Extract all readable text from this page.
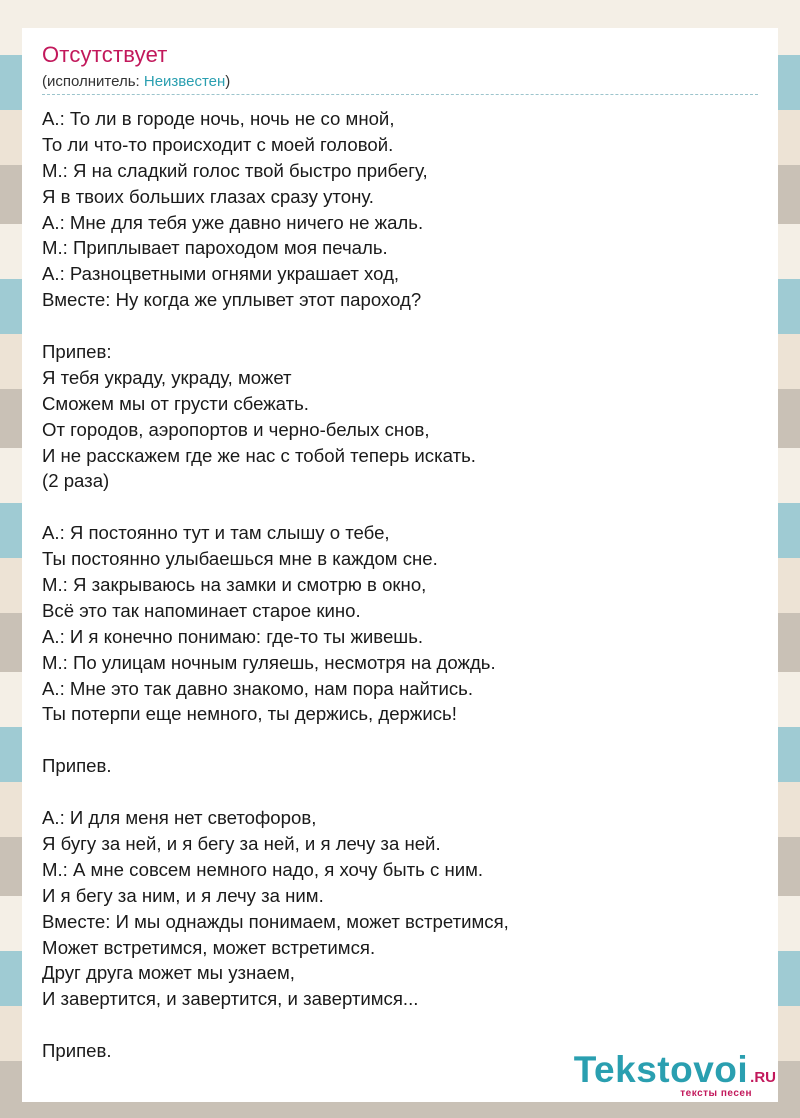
Отсутствует
(исполнитель: Неизвестен)
А.: То ли в городе ночь, ночь не со мной,
То ли что-то происходит с моей головой.
М.: Я на сладкий голос твой быстро прибегу,
Я в твоих больших глазах сразу утону.
А.: Мне для тебя уже давно ничего не жаль.
М.: Приплывает пароходом моя печаль.
А.: Разноцветными огнями украшает ход,
Вместе: Ну когда же уплывет этот пароход?
Припев:
Я тебя украду, украду, может
Сможем мы от грусти сбежать.
От городов, аэропортов и черно-белых снов,
И не расскажем где же нас с тобой теперь искать.
(2 раза)
А.: Я постоянно тут и там слышу о тебе,
Ты постоянно улыбаешься мне в каждом сне.
М.: Я закрываюсь на замки и смотрю в окно,
Всё это так напоминает старое кино.
А.: И я конечно понимаю: где-то ты живешь.
М.: По улицам ночным гуляешь, несмотря на дождь.
А.: Мне это так давно знакомо, нам пора найтись.
Ты потерпи еще немного, ты держись, держись!
Припев.
А.: И для меня нет светофоров,
Я бугу за ней, и я бегу за ней, и я лечу за ней.
М.: А мне совсем немного надо, я хочу быть с ним.
И я бегу за ним, и я лечу за ним.
Вместе: И мы однажды понимаем, может встретимся,
Может встретимся, может встретимся.
Друг друга может мы узнаем,
И завертится, и завертится, и завертимся...
Припев.	Tekstovoi .RU
тексты песен
